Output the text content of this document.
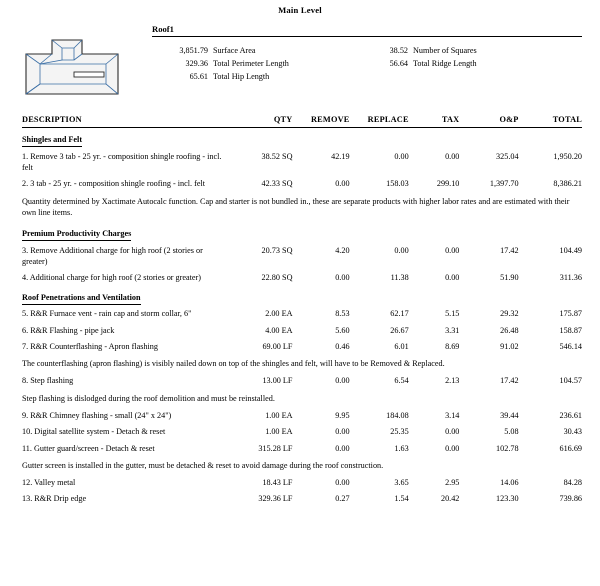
Main Level
Roof1
3,851.79 Surface Area
329.36 Total Perimeter Length
65.61 Total Hip Length
38.52 Number of Squares
56.64 Total Ridge Length
DESCRIPTION	QTY	REMOVE	REPLACE	TAX	O&P	TOTAL
Shingles and Felt						
1. Remove 3 tab - 25 yr. - composition shingle roofing - incl. felt	38.52 SQ	42.19	0.00	0.00	325.04	1,950.20
2. 3 tab - 25 yr. - composition shingle roofing - incl. felt	42.33 SQ	0.00	158.03	299.10	1,397.70	8,386.21
Quantity determined by Xactimate Autocalc function. Cap and starter is not bundled in., these are separate products with higher labor rates and are estimated with their own line items.						
Premium Productivity Charges						
3. Remove Additional charge for high roof (2 stories or greater)	20.73 SQ	4.20	0.00	0.00	17.42	104.49
4. Additional charge for high roof (2 stories or greater)	22.80 SQ	0.00	11.38	0.00	51.90	311.36
Roof Penetrations and Ventilation						
5. R&R Furnace vent - rain cap and storm collar, 6"	2.00 EA	8.53	62.17	5.15	29.32	175.87
6. R&R Flashing - pipe jack	4.00 EA	5.60	26.67	3.31	26.48	158.87
7. R&R Counterflashing - Apron flashing	69.00 LF	0.46	6.01	8.69	91.02	546.14
The counterflashing (apron flashing) is visibly nailed down on top of the shingles and felt, will have to be Removed & Replaced.						
8. Step flashing	13.00 LF	0.00	6.54	2.13	17.42	104.57
Step flashing is dislodged during the roof demolition and must be reinstalled.						
9. R&R Chimney flashing - small (24" x 24")	1.00 EA	9.95	184.08	3.14	39.44	236.61
10. Digital satellite system - Detach & reset	1.00 EA	0.00	25.35	0.00	5.08	30.43
11. Gutter guard/screen - Detach & reset	315.28 LF	0.00	1.63	0.00	102.78	616.69
Gutter screen is installed in the gutter, must be detached & reset to avoid damage during the roof construction.						
12. Valley metal	18.43 LF	0.00	3.65	2.95	14.06	84.28
13. R&R Drip edge	329.36 LF	0.27	1.54	20.42	123.30	739.86
